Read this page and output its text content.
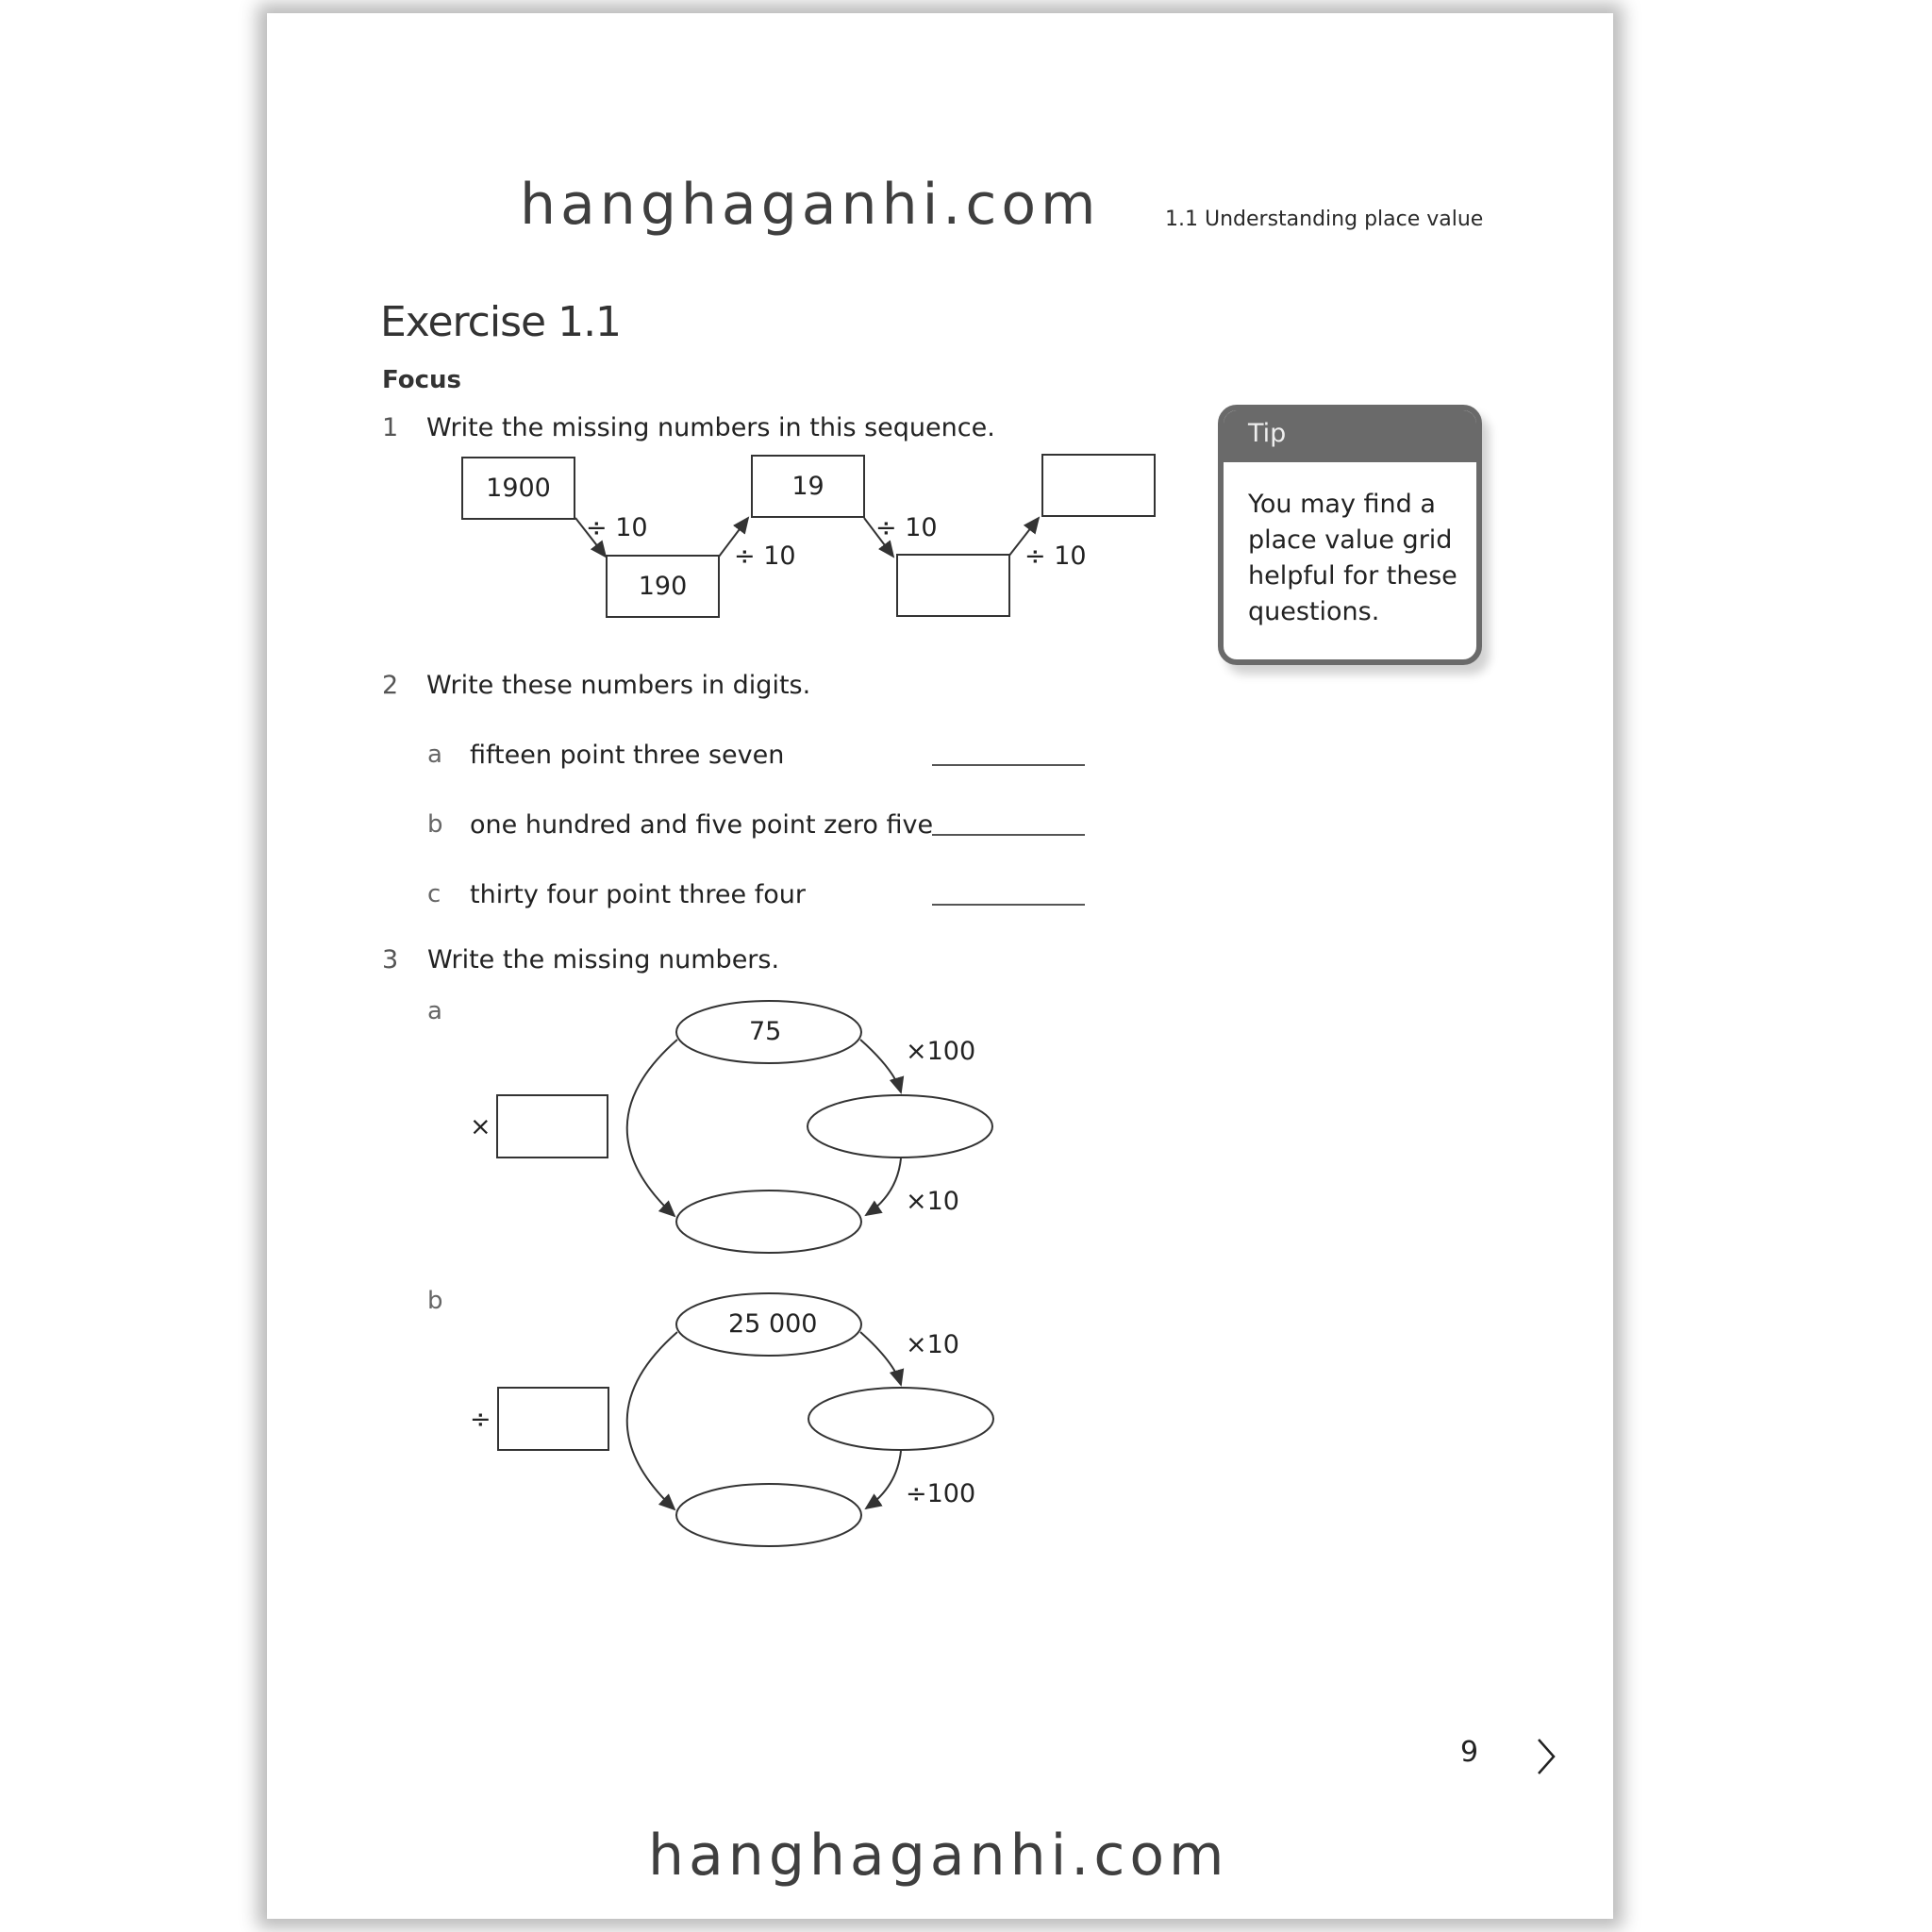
hanghaganhi.com	1.1 Understanding place value
Exercise 1.1
Focus
1 Write the missing numbers in this sequence.
1900
190
19
÷ 10
÷ 10
÷ 10
÷ 10
Tip
You may find a
place value grid
helpful for these
questions.
2 Write these numbers in digits.
a fifteen point three seven
b one hundred and five point zero five
c thirty four point three four
3 Write the missing numbers.
a
75
×100
×10
×
b
25 000
×10
÷100
÷
9
hanghaganhi.com
